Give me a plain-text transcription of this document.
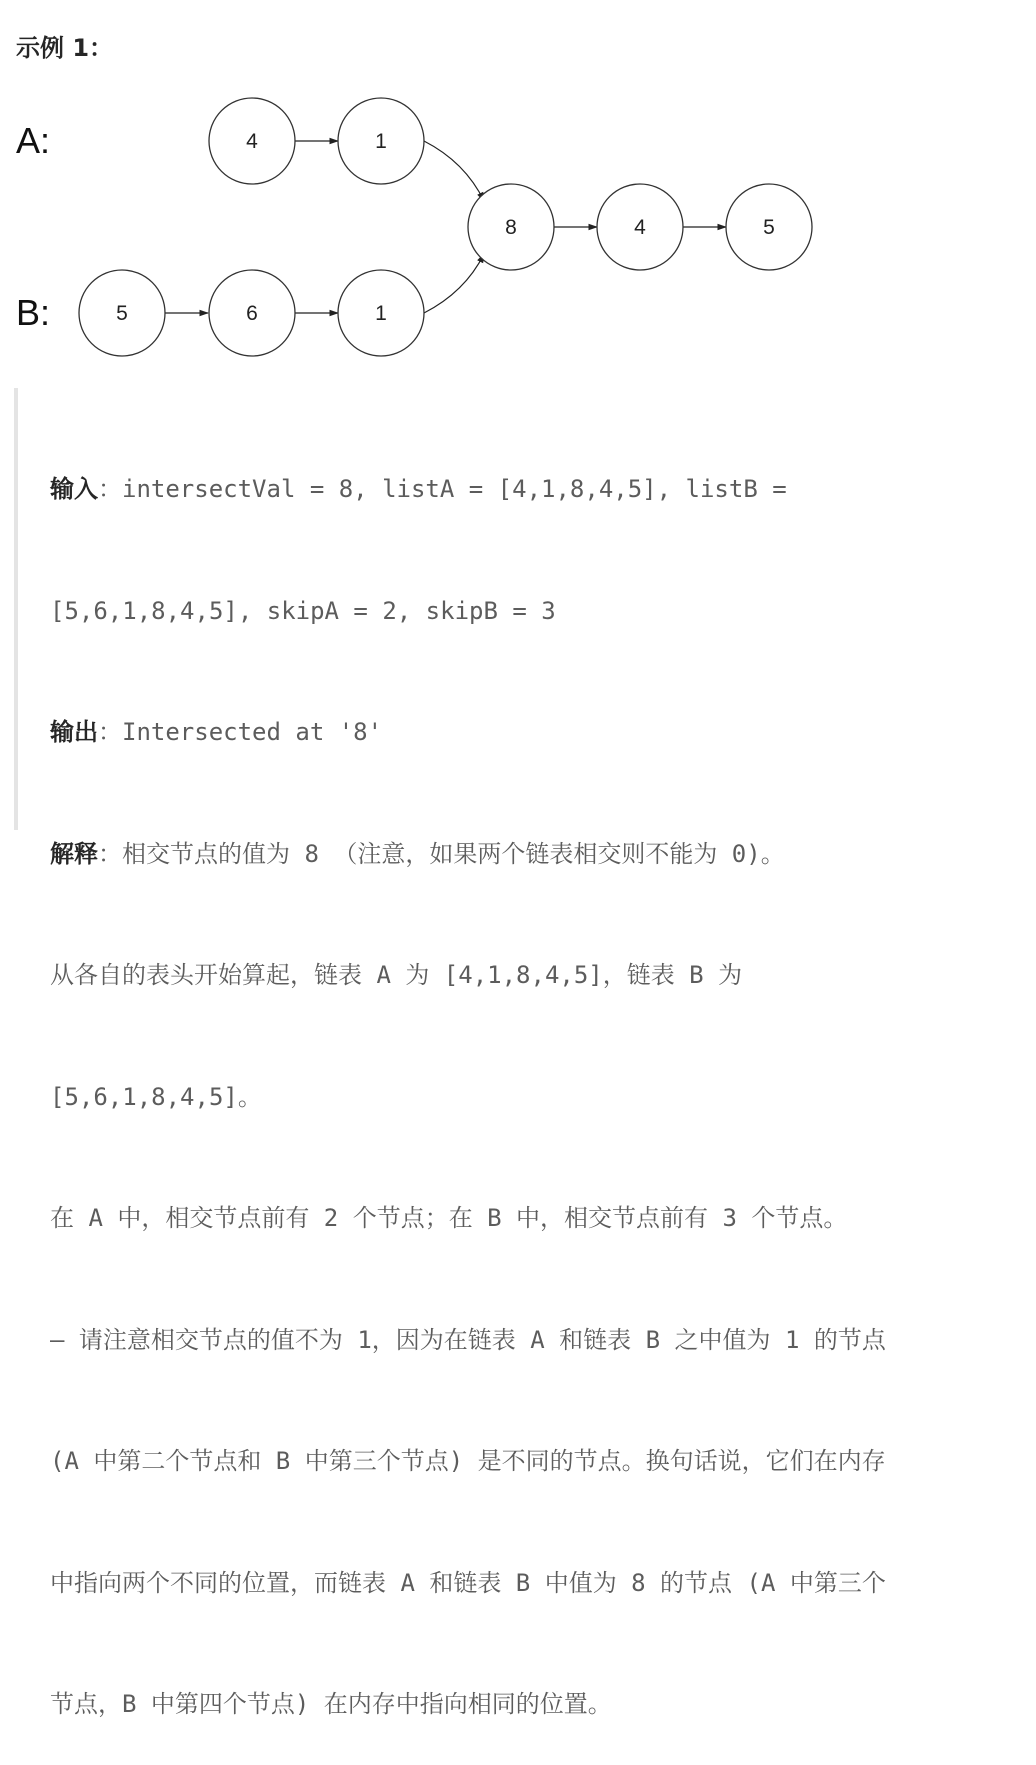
示例 1：
A:
B:
4	1
5	6	1
8	4	5

输入：intersectVal = 8, listA = [4,1,8,4,5], listB =

[5,6,1,8,4,5], skipA = 2, skipB = 3

输出：Intersected at '8'

解释：相交节点的值为 8 （注意，如果两个链表相交则不能为 0)。

从各自的表头开始算起，链表 A 为 [4,1,8,4,5]，链表 B 为

[5,6,1,8,4,5]。

在 A 中，相交节点前有 2 个节点；在 B 中，相交节点前有 3 个节点。

— 请注意相交节点的值不为 1，因为在链表 A 和链表 B 之中值为 1 的节点

(A 中第二个节点和 B 中第三个节点) 是不同的节点。换句话说，它们在内存

中指向两个不同的位置，而链表 A 和链表 B 中值为 8 的节点 (A 中第三个

节点，B 中第四个节点) 在内存中指向相同的位置。
